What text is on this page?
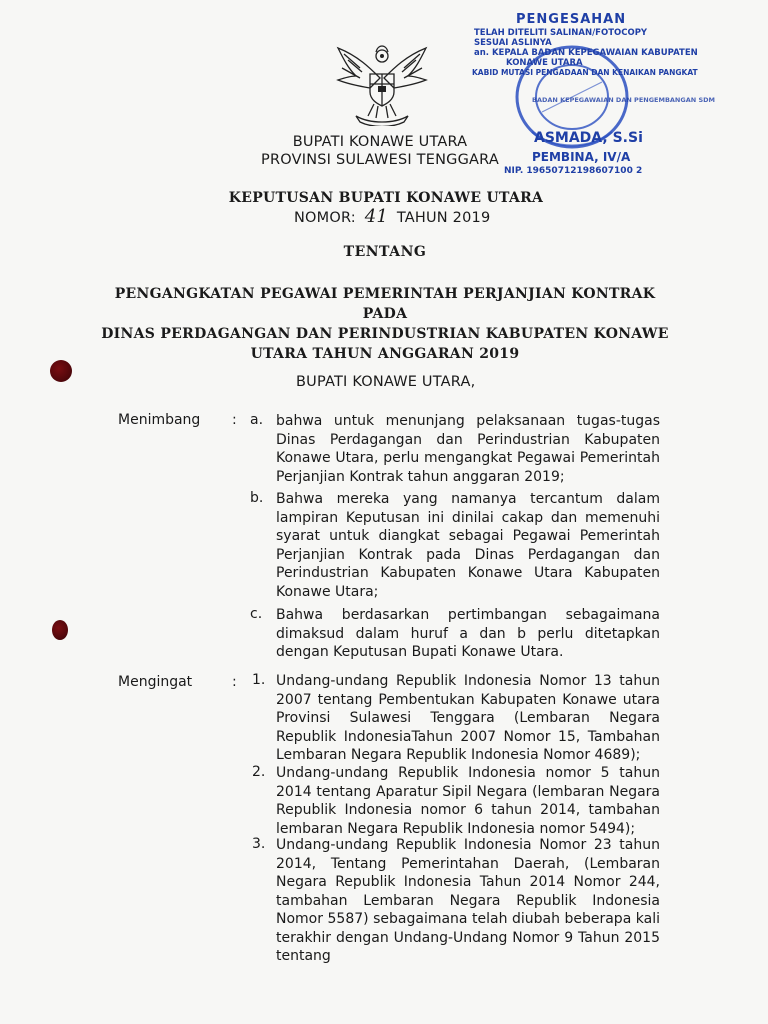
PENGESAHAN
TELAH DITELITI SALINAN/FOTOCOPY
SESUAI ASLINYA
an. KEPALA BADAN KEPEGAWAIAN KABUPATEN
KONAWE UTARA
KABID MUTASI PENGADAAN DAN KENAIKAN PANGKAT
BADAN KEPEGAWAIAN DAN PENGEMBANGAN SDM
ASMADA, S.Si
PEMBINA, IV/A
NIP. 19650712198607100 2
BUPATI KONAWE UTARA
PROVINSI SULAWESI TENGGARA
KEPUTUSAN BUPATI KONAWE UTARA
NOMOR: 41 TAHUN 2019
TENTANG
PENGANGKATAN PEGAWAI PEMERINTAH PERJANJIAN KONTRAK PADA
DINAS PERDAGANGAN DAN PERINDUSTRIAN KABUPATEN KONAWE
UTARA TAHUN ANGGARAN 2019
BUPATI KONAWE UTARA,
Menimbang : a. bahwa untuk menunjang pelaksanaan tugas-tugas Dinas Perdagangan dan Perindustrian Kabupaten Konawe Utara, perlu mengangkat Pegawai Pemerintah Perjanjian Kontrak tahun anggaran 2019;
b. Bahwa mereka yang namanya tercantum dalam lampiran Keputusan ini dinilai cakap dan memenuhi syarat untuk diangkat sebagai Pegawai Pemerintah Perjanjian Kontrak pada Dinas Perdagangan dan Perindustrian Kabupaten Konawe Utara Kabupaten Konawe Utara;
c. Bahwa berdasarkan pertimbangan sebagaimana dimaksud dalam huruf a dan b perlu ditetapkan dengan Keputusan Bupati Konawe Utara.
Mengingat	: 1. Undang-undang Republik Indonesia Nomor 13 tahun 2007 tentang Pembentukan Kabupaten Konawe utara Provinsi Sulawesi Tenggara (Lembaran Negara Republik IndonesiaTahun 2007 Nomor 15, Tambahan Lembaran Negara Republik Indonesia Nomor 4689);
2. Undang-undang Republik Indonesia nomor 5 tahun 2014 tentang Aparatur Sipil Negara (lembaran Negara Republik Indonesia nomor 6 tahun 2014, tambahan lembaran Negara Republik Indonesia nomor 5494);
3. Undang-undang Republik Indonesia Nomor 23 tahun 2014, Tentang Pemerintahan Daerah, (Lembaran Negara Republik Indonesia Tahun 2014 Nomor 244, tambahan Lembaran Negara Republik Indonesia Nomor 5587) sebagaimana telah diubah beberapa kali terakhir dengan Undang-Undang Nomor 9 Tahun 2015 tentang
